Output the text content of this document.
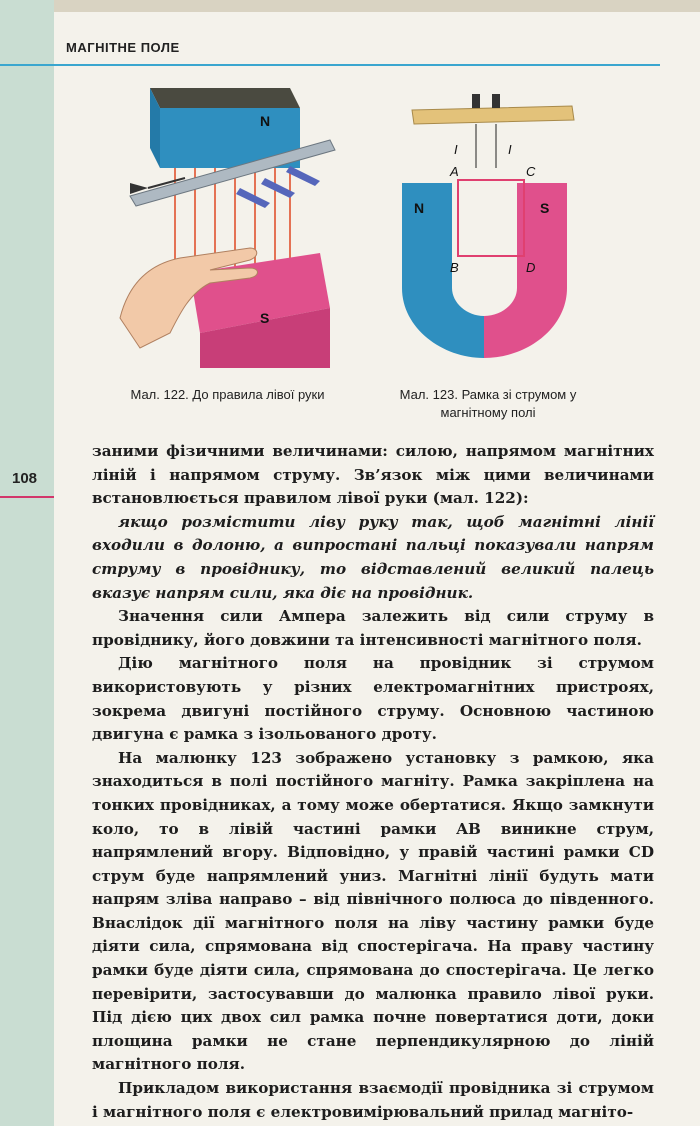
МАГНІТНЕ ПОЛЕ
108
N
S
Мал. 122. До правила лівої руки
I	I
N	S
A	C
B	D
Мал. 123. Рамка зі струмом у магнітному полі

заними фізичними величинами: силою, напрямом магнітних ліній і напрямом струму. Зв’язок між цими величинами встановлюється правилом лівої руки (мал. 122):

якщо розмістити ліву руку так, щоб магнітні лінії входили в долоню, а випростані пальці показували напрям струму в провіднику, то відставлений великий палець вказує напрям сили, яка діє на провідник.

Значення сили Ампера залежить від сили струму в провіднику, його довжини та інтенсивності магнітного поля.

Дію магнітного поля на провідник зі струмом використовують у різних електромагнітних пристроях, зокрема двигуні постійного струму. Основною частиною двигуна є рамка з ізольованого дроту.

На малюнку 123 зображено установку з рамкою, яка знаходиться в полі постійного магніту. Рамка закріплена на тонких провідниках, а тому може обертатися. Якщо замкнути коло, то в лівій частині рамки AB виникне струм, напрямлений вгору. Відповідно, у правій частині рамки CD струм буде напрямлений униз. Магнітні лінії будуть мати напрям зліва направо – від північного полюса до південного. Внаслідок дії магнітного поля на ліву частину рамки буде діяти сила, спрямована від спостерігача. На праву частину рамки буде діяти сила, спрямована до спостерігача. Це легко перевірити, застосувавши до малюнка правило лівої руки. Під дією цих двох сил рамка почне повертатися доти, доки площина рамки не стане перпендикулярною до ліній магнітного поля.

Прикладом використання взаємодії провідника зі струмом і магнітного поля є електровимірювальний прилад магніто-
